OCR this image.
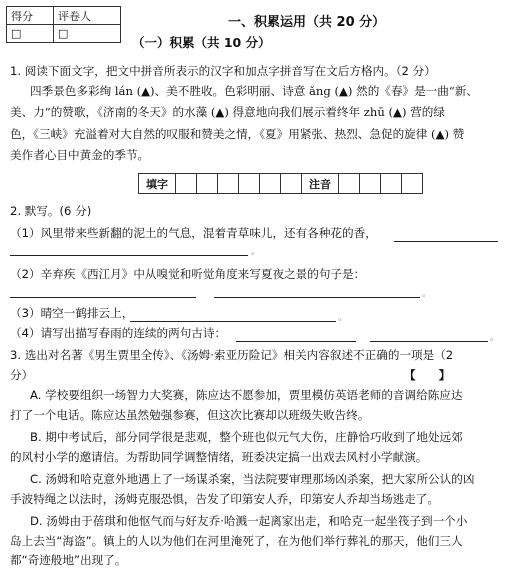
得分	评卷人
□	□
一、积累运用（共 20 分）
（一）积累（共 10 分）
1. 阅读下面文字，把文中拼音所表示的汉字和加点字拼音写在文后方格内。（2 分）
四季景色多彩绚 lán (▲)、美不胜收。色彩明丽、诗意 ǎng (▲) 然的《春》是一曲“新、
美、力”的赞歌，《济南的冬天》的水藻 (▲) 得意地向我们展示着终年 zhū (▲) 营的绿
色，《三峡》充溢着对大自然的叹服和赞美之情，《夏》用紧张、热烈、急促的旋律 (▲) 赞
美作者心目中黄金的季节。
填字							注音				
2. 默写。(6 分)
（1）风里带来些新翻的泥土的气息，混着青草味儿，还有各种花的香，
。
（2）辛弃疾《西江月》中从嗅觉和听觉角度来写夏夜之景的句子是：
。
（3）晴空一鹤排云上，	。
（4）请写出描写春雨的连续的两句古诗：	。
3. 选出对名著《男生贾里全传》、《汤姆·索亚历险记》相关内容叙述不正确的一项是（2
分）	【　　】
A. 学校要组织一场智力大奖赛，陈应达不愿参加，贾里模仿英语老师的音调给陈应达
打了一个电话。陈应达虽然勉强参赛，但这次比赛却以班级失败告终。
B. 期中考试后，部分同学很是悲观，整个班也似元气大伤，庄静恰巧收到了地处远郊
的风村小学的邀请信。为帮助同学调整情绪，班委决定搞一出戏去风村小学献演。
C. 汤姆和哈克意外地遇上了一场谋杀案，当法院要审理那场凶杀案，把大家所公认的凶
手波特绳之以法时，汤姆克服恐惧，告发了印第安人乔，印第安人乔却当场逃走了。
D. 汤姆由于蓓琪和他怄气而与好友乔·哈溅一起离家出走，和哈克一起坐筏子到一个小
岛上去当“海盗”。镇上的人以为他们在河里淹死了，在为他们举行葬礼的那天，他们三人
都“奇迹般地”出现了。
